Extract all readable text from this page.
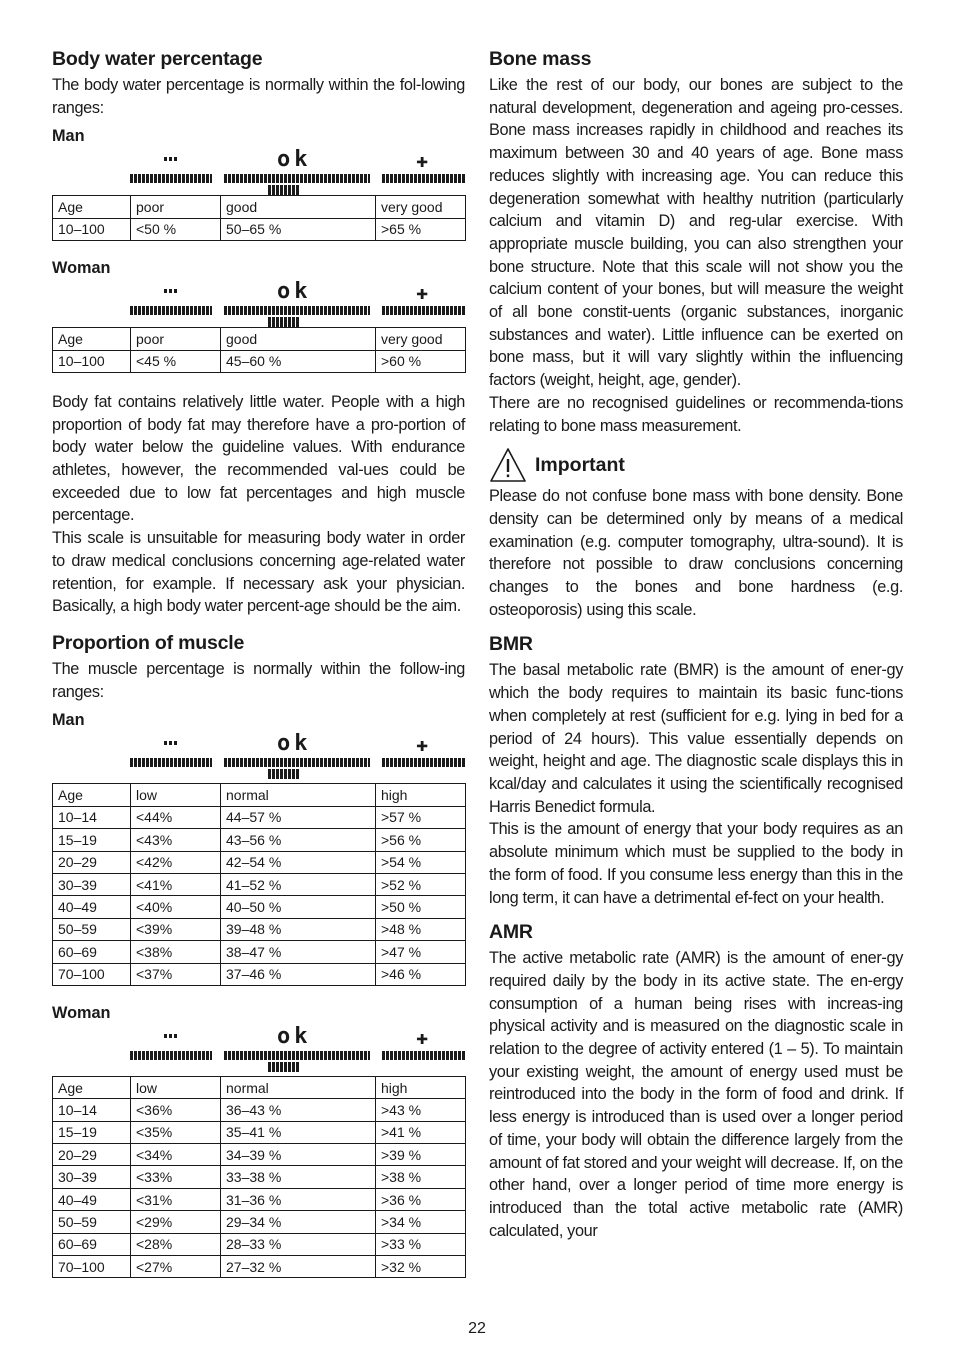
Body water percentage

The body water percentage is normally within the fol-lowing ranges:

Man
ok	✚
Age	poor	good	very good
10–100	<50 %	50–65 %	>65 %
Woman
ok	✚
Age	poor	good	very good
10–100	<45 %	45–60 %	>60 %

Body fat contains relatively little water. People with a high proportion of body fat may therefore have a pro-portion of body water below the guideline values. With endurance athletes, however, the recommended val-ues could be exceeded due to low fat percentages and high muscle percentage.

This scale is unsuitable for measuring body water in order to draw medical conclusions concerning age-related water retention, for example. If necessary ask your physician. Basically, a high body water percent-age should be the aim.

Proportion of muscle

The muscle percentage is normally within the follow-ing ranges:

Man
ok	✚
Age	low	normal	high
10–14	<44%	44–57 %	>57 %
15–19	<43%	43–56 %	>56 %
20–29	<42%	42–54 %	>54 %
30–39	<41%	41–52 %	>52 %
40–49	<40%	40–50 %	>50 %
50–59	<39%	39–48 %	>48 %
60–69	<38%	38–47 %	>47 %
70–100	<37%	37–46 %	>46 %
Woman
ok	✚
Age	low	normal	high
10–14	<36%	36–43 %	>43 %
15–19	<35%	35–41 %	>41 %
20–29	<34%	34–39 %	>39 %
30–39	<33%	33–38 %	>38 %
40–49	<31%	31–36 %	>36 %
50–59	<29%	29–34 %	>34 %
60–69	<28%	28–33 %	>33 %
70–100	<27%	27–32 %	>32 %
Bone mass

Like the rest of our body, our bones are subject to the natural development, degeneration and ageing pro-cesses. Bone mass increases rapidly in childhood and reaches its maximum between 30 and 40 years of age. Bone mass reduces slightly with increasing age. You can reduce this degeneration somewhat with healthy nutrition (particularly calcium and vitamin D) and reg-ular exercise. With appropriate muscle building, you can also strengthen your bone structure. Note that this scale will not show you the calcium content of your bones, but will measure the weight of all bone constit-uents (organic substances, inorganic substances and water). Little influence can be exerted on bone mass, but it will vary slightly within the influencing factors (weight, height, age, gender).

There are no recognised guidelines or recommenda-tions relating to bone mass measurement.

Important

Please do not confuse bone mass with bone density. Bone density can be determined only by means of a medical examination (e.g. computer tomography, ultra-sound). It is therefore not possible to draw conclusions concerning changes to the bones and bone hardness (e.g. osteoporosis) using this scale.

BMR

The basal metabolic rate (BMR) is the amount of ener-gy which the body requires to maintain its basic func-tions when completely at rest (sufficient for e.g. lying in bed for a period of 24 hours). This value essentially depends on weight, height and age. The diagnostic scale displays this in kcal/day and calculates it using the scientifically recognised Harris Benedict formula.

This is the amount of energy that your body requires as an absolute minimum which must be supplied to the body in the form of food. If you consume less energy than this in the long term, it can have a detrimental ef-fect on your health.

AMR

The active metabolic rate (AMR) is the amount of ener-gy required daily by the body in its active state. The en-ergy consumption of a human being rises with increas-ing physical activity and is measured on the diagnostic scale in relation to the degree of activity entered (1 – 5). To maintain your existing weight, the amount of energy used must be reintroduced into the body in the form of food and drink. If less energy is introduced than is used over a longer period of time, your body will obtain the difference largely from the amount of fat stored and your weight will decrease. If, on the other hand, over a longer period of time more energy is introduced than the total active metabolic rate (AMR) calculated, your

22
